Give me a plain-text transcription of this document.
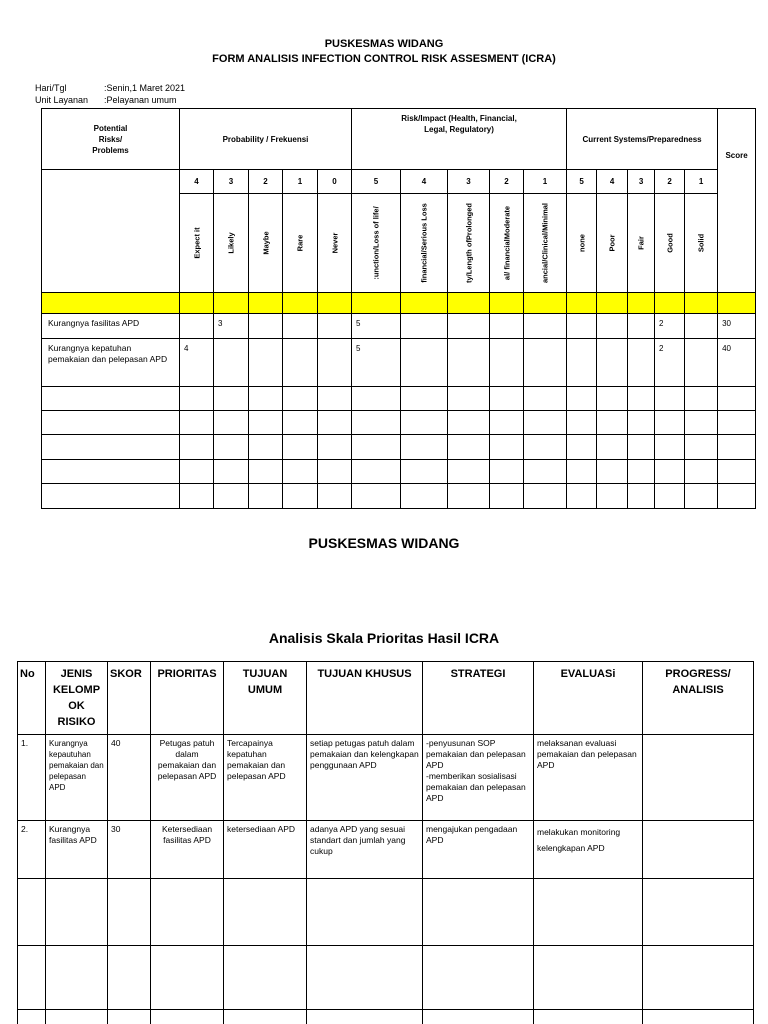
PUSKESMAS WIDANG
FORM ANALISIS INFECTION CONTROL RISK ASSESMENT (ICRA)
Hari/Tgl	:Senin,1 Maret 2021
Unit Layanan :Pelayanan umum
Potential
Risks/
Problems	Probability / Frekuensi					Risk/Impact (Health, Financial,
Legal, Regulatory)					Current Systems/Preparedness					Score
	4	3	2	1	0	5	4	3	2	1	5	4	3	2	1	

	Expect it	Likely	Maybe	Rare	Never	:unction/Loss of life/	financial/Serious Loss	ty/Length ofProlonged	al/ financialModerate	ancial/Clinical/Minimal	none	Poor	Fair	Good	Solid	

Kurangnya fasilitas APD		3				5								2		30
Kurangnya kepatuhan pemakaian dan pelepasan APD	4					5								2		40

PUSKESMAS WIDANG
Analisis Skala Prioritas Hasil ICRA
No	JENIS
KELOMP
OK
RISIKO	SKOR	PRIORITAS	TUJUAN
UMUM	TUJUAN KHUSUS	STRATEGI	EVALUASi	PROGRESS/
ANALISIS
1.	Kurangnya kepautuhan pemakaian dan pelepasan APD	40	Petugas patuh dalam pemakaian dan pelepasan APD	Tercapainya kepatuhan pemakaian dan pelepasan APD	setiap petugas patuh dalam pemakaian dan kelengkapan penggunaan APD	-penyusunan SOP pemakaian dan pelepasan APD
-memberikan sosialisasi pemakaian dan pelepasan APD	melaksanan evaluasi pemakaian dan pelepasan APD	
2.	Kurangnya fasilitas APD	30	Ketersediaan fasilitas APD	ketersediaan APD	adanya APD yang sesuai standart dan jumlah yang cukup	mengajukan pengadaan APD	melakukan monitoring kelengkapan APD	
